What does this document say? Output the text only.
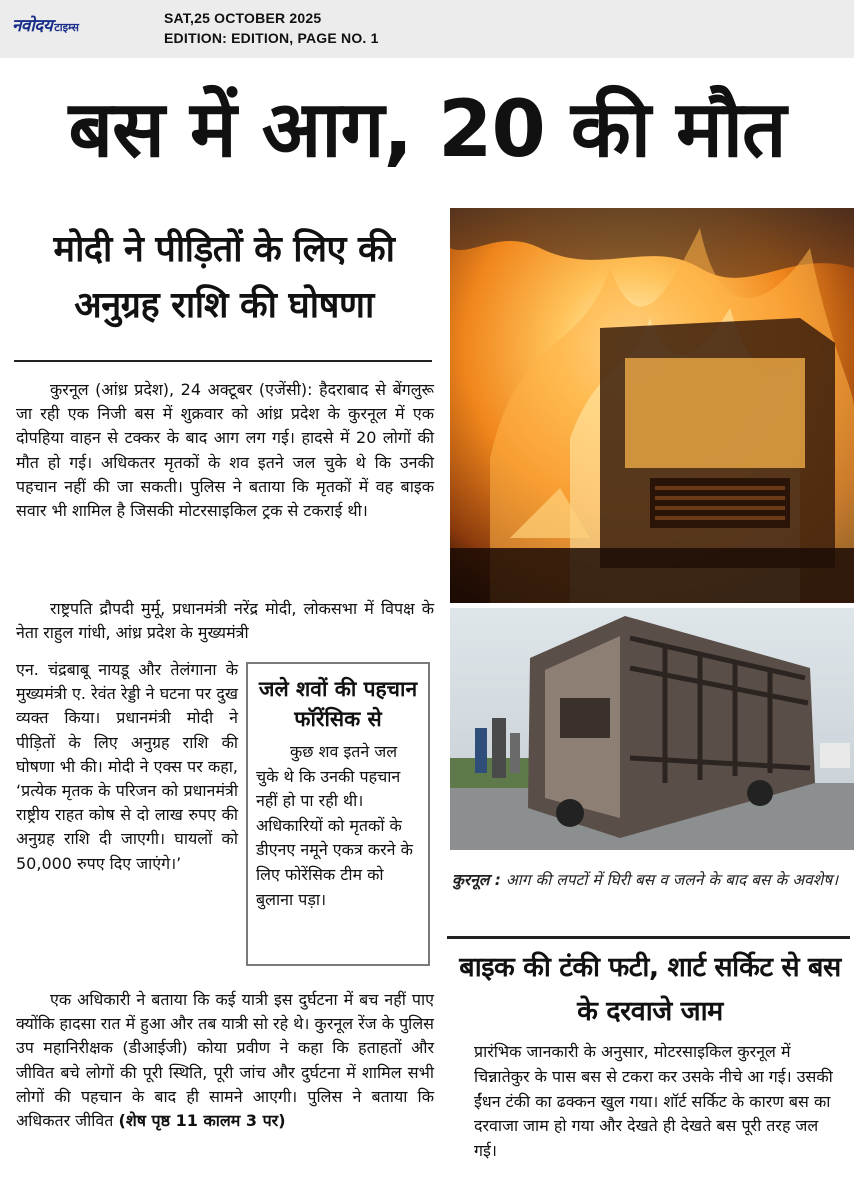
नवोदय टाइम्स
SAT,25 OCTOBER 2025
EDITION: EDITION, PAGE NO. 1
बस में आग, 20 की मौत
मोदी ने पीड़ितों के लिए की अनुग्रह राशि की घोषणा
कुरनूल (आंध्र प्रदेश), 24 अक्टूबर (एजेंसी): हैदराबाद से बेंगलुरू जा रही एक निजी बस में शुक्रवार को आंध्र प्रदेश के कुरनूल में एक दोपहिया वाहन से टक्कर के बाद आग लग गई। हादसे में 20 लोगों की मौत हो गई। अधिकतर मृतकों के शव इतने जल चुके थे कि उनकी पहचान नहीं की जा सकती। पुलिस ने बताया कि मृतकों में वह बाइक सवार भी शामिल है जिसकी मोटरसाइकिल ट्रक से टकराई थी।
राष्ट्रपति द्रौपदी मुर्मू, प्रधानमंत्री नरेंद्र मोदी, लोकसभा में विपक्ष के नेता राहुल गांधी, आंध्र प्रदेश के मुख्यमंत्री
एन. चंद्रबाबू नायडू और तेलंगाना के मुख्यमंत्री ए. रेवंत रेड्डी ने घटना पर दुख व्यक्त किया। प्रधानमंत्री मोदी ने पीड़ितों के लिए अनुग्रह राशि की घोषणा भी की। मोदी ने एक्स पर कहा, ‘प्रत्येक मृतक के परिजन को प्रधानमंत्री राष्ट्रीय राहत कोष से दो लाख रुपए की अनुग्रह राशि दी जाएगी। घायलों को 50,000 रुपए दिए जाएंगे।’
एक अधिकारी ने बताया कि कई यात्री इस दुर्घटना में बच नहीं पाए क्योंकि हादसा रात में हुआ और तब यात्री सो रहे थे। कुरनूल रेंज के पुलिस उप महानिरीक्षक (डीआईजी) कोया प्रवीण ने कहा कि हताहतों और जीवित बचे लोगों की पूरी स्थिति, पूरी जांच और दुर्घटना में शामिल सभी लोगों की पहचान के बाद ही सामने आएगी। पुलिस ने बताया कि अधिकतर जीवित (शेष पृष्ठ 11 कालम 3 पर)
जले शवों की पहचान फॉरेंसिक से
कुछ शव इतने जल चुके थे कि उनकी पहचान नहीं हो पा रही थी। अधिकारियों को मृतकों के डीएनए नमूने एकत्र करने के लिए फोरेंसिक टीम को बुलाना पड़ा।
कुरनूल : आग की लपटों में घिरी बस व जलने के बाद बस के अवशेष।
बाइक की टंकी फटी, शार्ट सर्किट से बस के दरवाजे जाम
प्रारंभिक जानकारी के अनुसार, मोटरसाइकिल कुरनूल में चिन्नातेकुर के पास बस से टकरा कर उसके नीचे आ गई। उसकी ईंधन टंकी का ढक्कन खुल गया। शॉर्ट सर्किट के कारण बस का दरवाजा जाम हो गया और देखते ही देखते बस पूरी तरह जल गई।
